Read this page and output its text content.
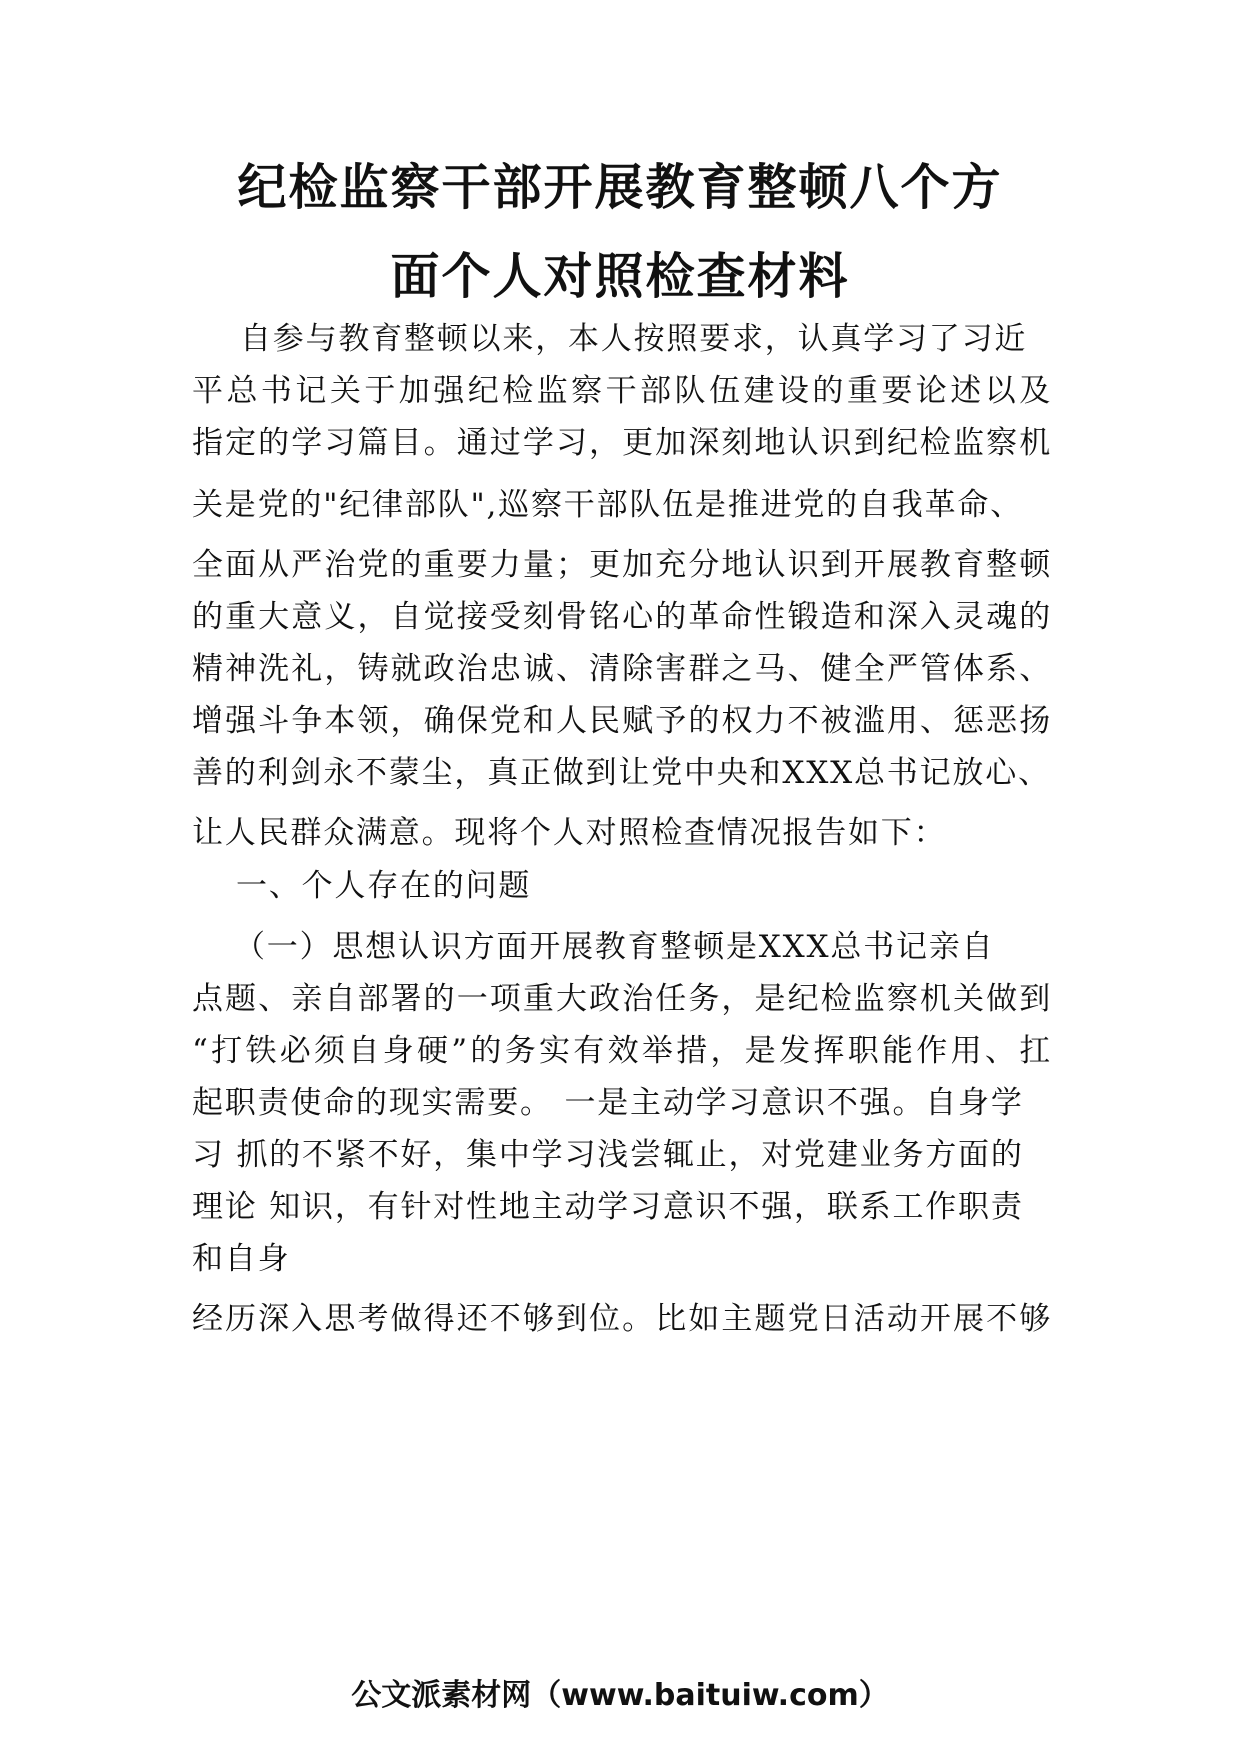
纪检监察干部开展教育整顿八个方
面个人对照检查材料
自参与教育整顿以来，本人按照要求，认真学习了习近
平总书记关于加强纪检监察干部队伍建设的重要论述以及
指定的学习篇目。通过学习，更加深刻地认识到纪检监察机
关是党的"纪律部队",巡察干部队伍是推进党的自我革命、
全面从严治党的重要力量；更加充分地认识到开展教育整顿
的重大意义，自觉接受刻骨铭心的革命性锻造和深入灵魂的
精神洗礼，铸就政治忠诚、清除害群之马、健全严管体系、
增强斗争本领，确保党和人民赋予的权力不被滥用、惩恶扬
善的利剑永不蒙尘，真正做到让党中央和XXX总书记放心、
让人民群众满意。现将个人对照检查情况报告如下：
一、个人存在的问题
（一）思想认识方面开展教育整顿是XXX总书记亲自
点题、亲自部署的一项重大政治任务，是纪检监察机关做到
“打铁必须自身硬”的务实有效举措，是发挥职能作用、扛
起职责使命的现实需要。 一是主动学习意识不强。自身学
习 抓的不紧不好，集中学习浅尝辄止，对党建业务方面的
理论 知识，有针对性地主动学习意识不强，联系工作职责
和自身
经历深入思考做得还不够到位。比如主题党日活动开展不够
公文派素材网（www.baituiw.com）
